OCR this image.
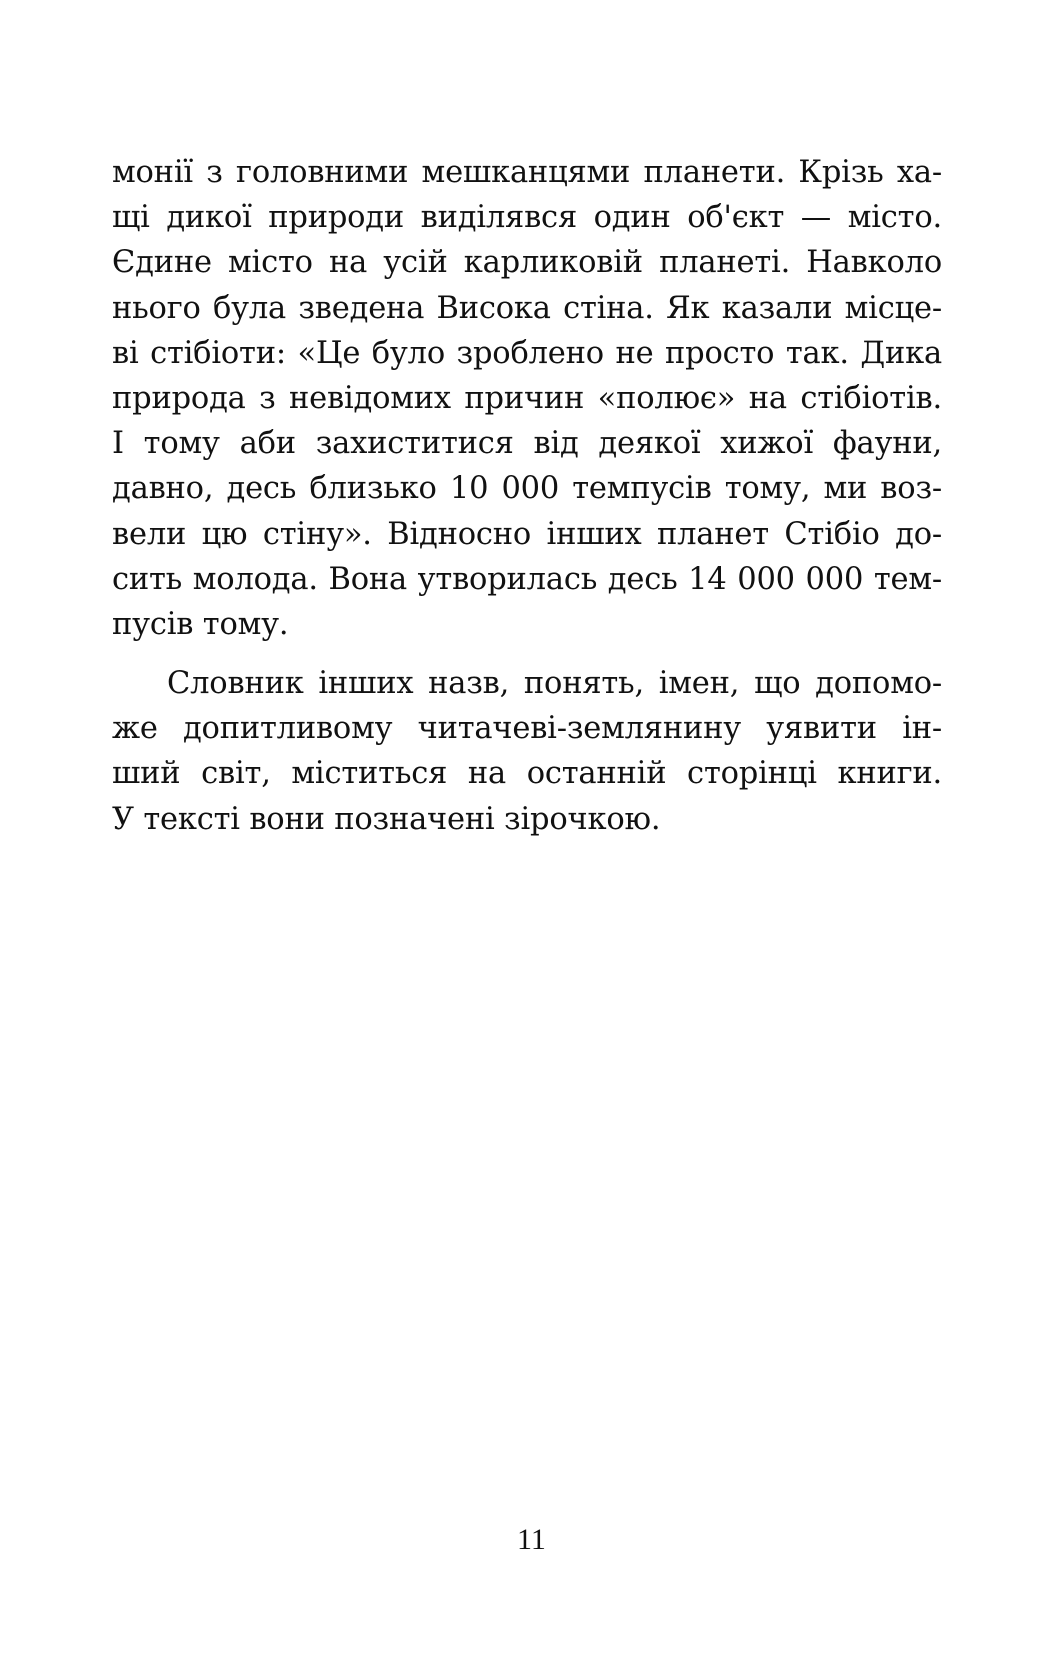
монії з головними мешканцями планети. Крізь ха-
щі дикої природи виділявся один об'єкт — місто.
Єдине місто на усій карликовій планеті. Навколо
нього була зведена Висока стіна. Як казали місце-
ві стібіоти: «Це було зроблено не просто так. Дика
природа з невідомих причин «полює» на стібіотів.
І тому аби захиститися від деякої хижої фауни,
давно, десь близько 10 000 темпусів тому, ми воз-
вели цю стіну». Відносно інших планет Стібіо до-
сить молода. Вона утворилась десь 14 000 000 тем-
пусів тому.
Словник інших назв, понять, імен, що допомо-
же допитливому читачеві-землянину уявити ін-
ший світ, міститься на останній сторінці книги.
У тексті вони позначені зірочкою.
11
